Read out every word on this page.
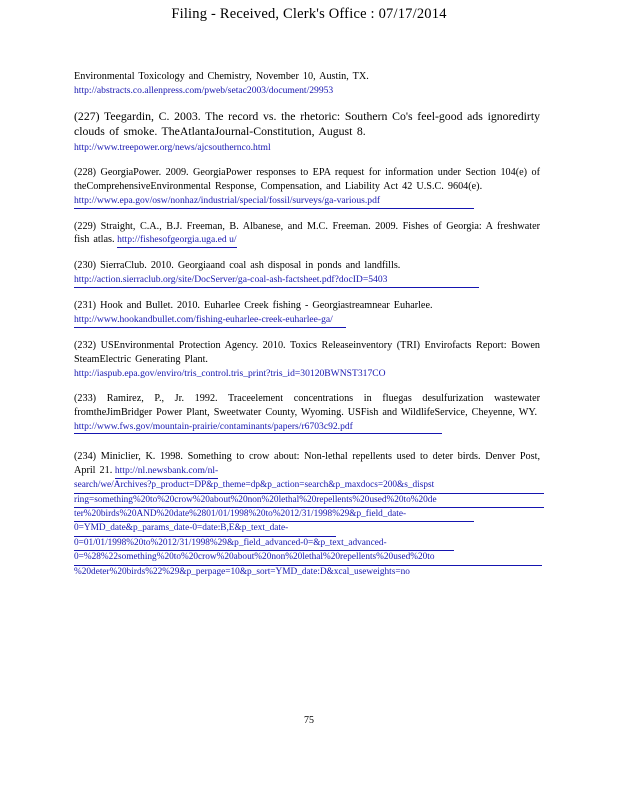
Filing - Received, Clerk's Office : 07/17/2014

Environmental Toxicology and Chemistry, November 10, Austin, TX.

http://abstracts.co.allenpress.com/pweb/setac2003/document/29953

(227) Teegardin, C. 2003. The record vs. the rhetoric: Southern Co's feel-good ads ignoredirty clouds of smoke. TheAtlantaJournal-Constitution, August 8.

http://www.treepower.org/news/ajcsouthernco.html

(228) GeorgiaPower. 2009. GeorgiaPower responses to EPA request for information under Section 104(e) of theComprehensiveEnvironmental Response, Compensation, and Liability Act 42 U.S.C. 9604(e).

http://www.epa.gov/osw/nonhaz/industrial/special/fossil/surveys/ga-various.pdf

(229) Straight, C.A., B.J. Freeman, B. Albanese, and M.C. Freeman. 2009. Fishes of Georgia: A freshwater fish atlas. http://fishesofgeorgia.uga.ed u/

(230) SierraClub. 2010. Georgiaand coal ash disposal in ponds and landfills.

http://action.sierraclub.org/site/DocServer/ga-coal-ash-factsheet.pdf?docID=5403

(231) Hook and Bullet. 2010. Euharlee Creek fishing - Georgiastreamnear Euharlee.

http://www.hookandbullet.com/fishing-euharlee-creek-euharlee-ga/

(232) USEnvironmental Protection Agency. 2010. Toxics Releaseinventory (TRI) Envirofacts Report: Bowen SteamElectric Generating Plant.

http://iaspub.epa.gov/enviro/tris_control.tris_print?tris_id=30120BWNST317CO

(233) Ramirez, P., Jr. 1992. Traceelement concentrations in fluegas desulfurization wastewater fromtheJimBridger Power Plant, Sweetwater County, Wyoming. USFish and WildlifeService, Cheyenne, WY.

http://www.fws.gov/mountain-prairie/contaminants/papers/r6703c92.pdf

(234) Miniclier, K. 1998. Something to crow about: Non-lethal repellents used to deter birds. Denver Post, April 21. http://nl.newsbank.com/nl-
search/we/Archives?p_product=DP&p_theme=dp&p_action=search&p_maxdocs=200&s_dispst
ring=something%20to%20crow%20about%20non%20lethal%20repellents%20used%20to%20de
ter%20birds%20AND%20date%2801/01/1998%20to%2012/31/1998%29&p_field_date-
0=YMD_date&p_params_date-0=date:B,E&p_text_date-
0=01/01/1998%20to%2012/31/1998%29&p_field_advanced-0=&p_text_advanced-
0=%28%22something%20to%20crow%20about%20non%20lethal%20repellents%20used%20to
%20deter%20birds%22%29&p_perpage=10&p_sort=YMD_date:D&xcal_useweights=no
75
